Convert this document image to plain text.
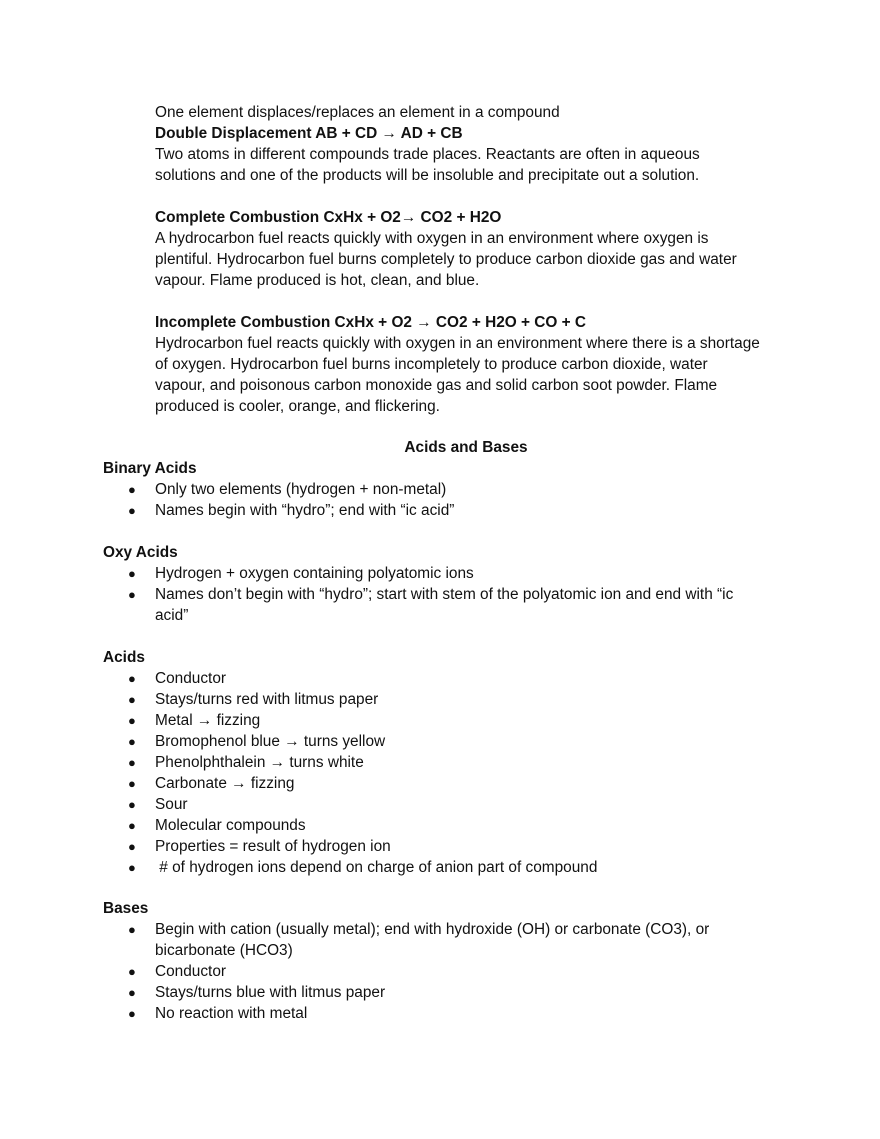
One element displaces/replaces an element in a compound
Double Displacement AB + CD → AD + CB
Two atoms in different compounds trade places. Reactants are often in aqueous
solutions and one of the products will be insoluble and precipitate out a solution.
Complete Combustion CxHx + O2→ CO2 + H2O
A hydrocarbon fuel reacts quickly with oxygen in an environment where oxygen is
plentiful. Hydrocarbon fuel burns completely to produce carbon dioxide gas and water
vapour. Flame produced is hot, clean, and blue.
Incomplete Combustion CxHx + O2 → CO2 + H2O + CO + C
Hydrocarbon fuel reacts quickly with oxygen in an environment where there is a shortage
of oxygen. Hydrocarbon fuel burns incompletely to produce carbon dioxide, water
vapour, and poisonous carbon monoxide gas and solid carbon soot powder. Flame
produced is cooler, orange, and flickering.
Acids and Bases
Binary Acids
● Only two elements (hydrogen + non-metal)
● Names begin with “hydro”; end with “ic acid”
Oxy Acids
● Hydrogen + oxygen containing polyatomic ions
● Names don’t begin with “hydro”; start with stem of the polyatomic ion and end with “ic
acid”
Acids
● Conductor
● Stays/turns red with litmus paper
● Metal → fizzing
● Bromophenol blue → turns yellow
● Phenolphthalein → turns white
● Carbonate → fizzing
● Sour
● Molecular compounds
● Properties = result of hydrogen ion
● # of hydrogen ions depend on charge of anion part of compound
Bases
● Begin with cation (usually metal); end with hydroxide (OH) or carbonate (CO3), or
bicarbonate (HCO3)
● Conductor
● Stays/turns blue with litmus paper
● No reaction with metal
